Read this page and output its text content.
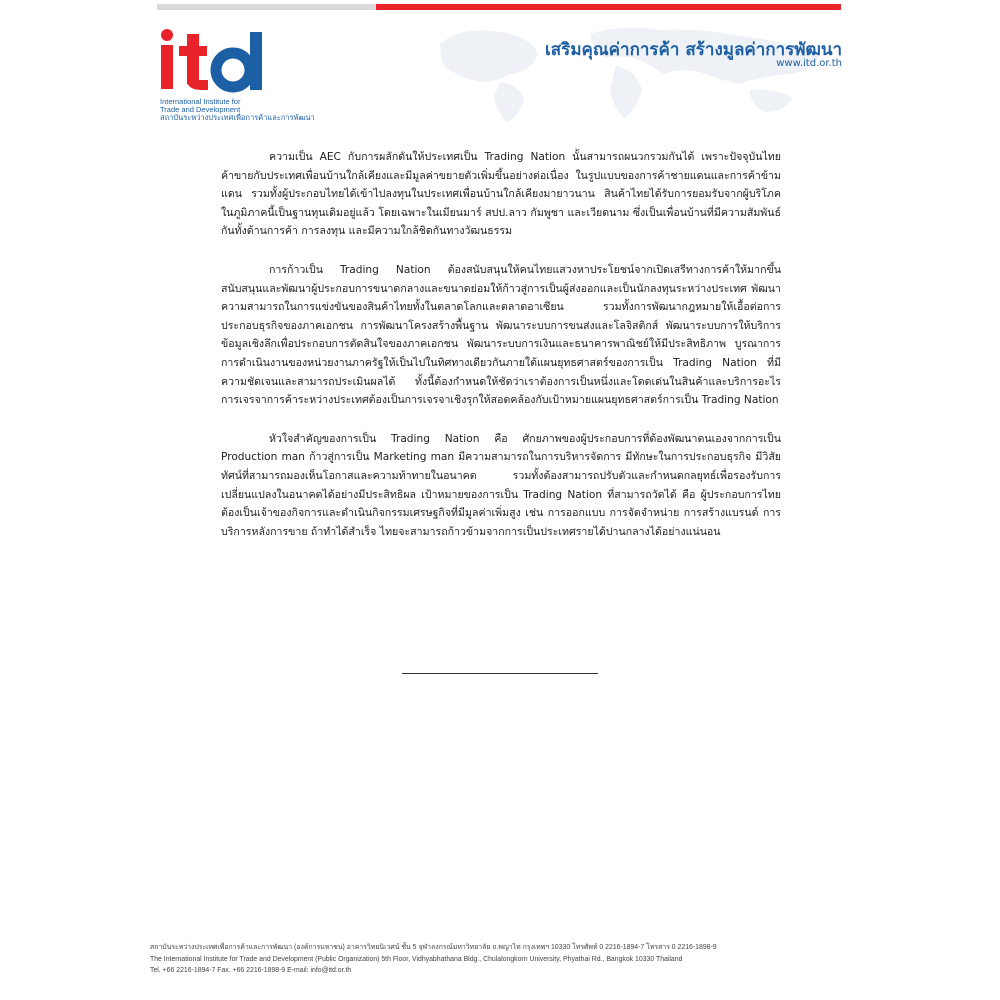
International Institute for
Trade and Development
สถาบันระหว่างประเทศเพื่อการค้าและการพัฒนา
เสริมคุณค่าการค้า สร้างมูลค่าการพัฒนา
www.itd.or.th

ความเป็น AEC กับการผลักดันให้ประเทศเป็น Trading Nation นั้นสามารถผนวกรวมกันได้ เพราะปัจจุบันไทยค้าขายกับประเทศเพื่อนบ้านใกล้เคียงและมีมูลค่าขยายตัวเพิ่มขึ้นอย่างต่อเนื่อง ในรูปแบบของการค้าชายแดนและการค้าข้ามแดน รวมทั้งผู้ประกอบไทยได้เข้าไปลงทุนในประเทศเพื่อนบ้านใกล้เคียงมายาวนาน สินค้าไทยได้รับการยอมรับจากผู้บริโภคในภูมิภาคนี้เป็นฐานทุนเดิมอยู่แล้ว โดยเฉพาะในเมียนมาร์ สปป.ลาว กัมพูชา และเวียดนาม ซึ่งเป็นเพื่อนบ้านที่มีความสัมพันธ์กันทั้งด้านการค้า การลงทุน และมีความใกล้ชิดกันทางวัฒนธรรม

การก้าวเป็น Trading Nation ต้องสนับสนุนให้คนไทยแสวงหาประโยชน์จากเปิดเสรีทางการค้าให้มากขึ้น สนับสนุนและพัฒนาผู้ประกอบการขนาดกลางและขนาดย่อมให้ก้าวสู่การเป็นผู้ส่งออกและเป็นนักลงทุนระหว่างประเทศ พัฒนาความสามารถในการแข่งขันของสินค้าไทยทั้งในตลาดโลกและตลาดอาเซียน รวมทั้งการพัฒนากฎหมายให้เอื้อต่อการประกอบธุรกิจของภาคเอกชน การพัฒนาโครงสร้างพื้นฐาน พัฒนาระบบการขนส่งและโลจิสติกส์ พัฒนาระบบการให้บริการข้อมูลเชิงลึกเพื่อประกอบการตัดสินใจของภาคเอกชน พัฒนาระบบการเงินและธนาคารพาณิชย์ให้มีประสิทธิภาพ บูรณาการการดำเนินงานของหน่วยงานภาครัฐให้เป็นไปในทิศทางเดียวกันภายใต้แผนยุทธศาสตร์ของการเป็น Trading Nation ที่มีความชัดเจนและสามารถประเมินผลได้ ทั้งนี้ต้องกำหนดให้ชัดว่าเราต้องการเป็นหนึ่งและโดดเด่นในสินค้าและบริการอะไร การเจรจาการค้าระหว่างประเทศต้องเป็นการเจรจาเชิงรุกให้สอดคล้องกับเป้าหมายแผนยุทธศาสตร์การเป็น Trading Nation

หัวใจสำคัญของการเป็น Trading Nation คือ ศักยภาพของผู้ประกอบการที่ต้องพัฒนาตนเองจากการเป็น Production man ก้าวสู่การเป็น Marketing man มีความสามารถในการบริหารจัดการ มีทักษะในการประกอบธุรกิจ มีวิสัยทัศน์ที่สามารถมองเห็นโอกาสและความท้าทายในอนาคต รวมทั้งต้องสามารถปรับตัวและกำหนดกลยุทธ์เพื่อรองรับการเปลี่ยนแปลงในอนาคตได้อย่างมีประสิทธิผล เป้าหมายของการเป็น Trading Nation ที่สามารถวัดได้ คือ ผู้ประกอบการไทยต้องเป็นเจ้าของกิจการและดำเนินกิจกรรมเศรษฐกิจที่มีมูลค่าเพิ่มสูง เช่น การออกแบบ การจัดจำหน่าย การสร้างแบรนด์ การบริการหลังการขาย ถ้าทำได้สำเร็จ ไทยจะสามารถก้าวข้ามจากการเป็นประเทศรายได้ปานกลางได้อย่างแน่นอน

สถาบันระหว่างประเทศเพื่อการค้าและการพัฒนา (องค์การมหาชน) อาคารวิทยนิเวศน์ ชั้น 5 จุฬาลงกรณ์มหาวิทยาลัย ถ.พญาไท กรุงเทพฯ 10330 โทรศัพท์ 0 2216-1894-7 โทรสาร 0 2216-1898-9
The International Institute for Trade and Development (Public Organization) 5th Floor, Vidhyabhathana Bldg., Chulalongkorn University, Phyathai Rd., Bangkok 10330 Thailand
Tel. +66 2216-1894-7 Fax. +66 2216-1898-9 E-mail: info@itd.or.th
